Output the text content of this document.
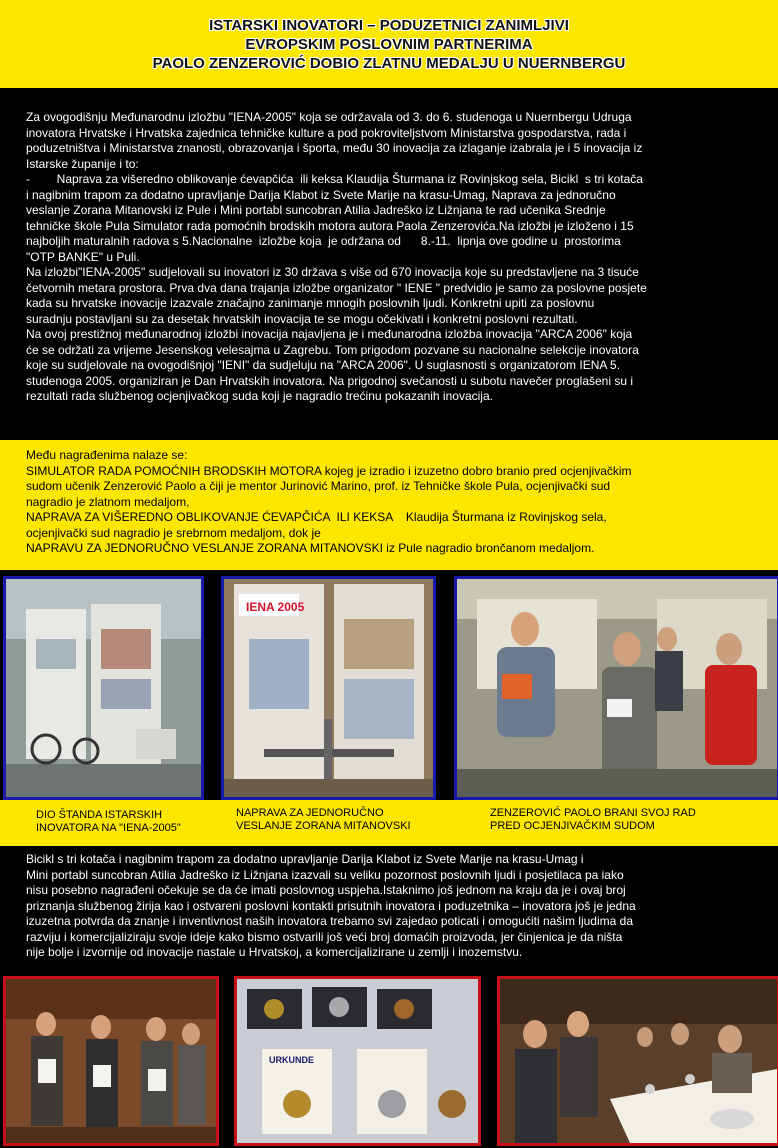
ISTARSKI INOVATORI – PODUZETNICI ZANIMLJIVI
EVROPSKIM POSLOVNIM PARTNERIMA
PAOLO ZENZEROVIĆ DOBIO ZLATNU MEDALJU U NUERNBERGU
Za ovogodišnju Međunarodnu izložbu "IENA-2005" koja se održavala od 3. do 6. studenoga u Nuernbergu Udruga
inovatora Hrvatske i Hrvatska zajednica tehničke kulture a pod pokroviteljstvom Ministarstva gospodarstva, rada i
poduzetništva i Ministarstva znanosti, obrazovanja i športa, među 30 inovacija za izlaganje izabrala je i 5 inovacija iz
Istarske županije i to:
-        Naprava za višeredno oblikovanje ćevapčića  ili keksa Klaudija Šturmana iz Rovinjskog sela, Bicikl  s tri kotača
i nagibnim trapom za dodatno upravljanje Darija Klabot iz Svete Marije na krasu-Umag, Naprava za jednoručno
veslanje Zorana Mitanovski iz Pule i Mini portabl suncobran Atilia Jadreško iz Ližnjana te rad učenika Srednje
tehničke škole Pula Simulator rada pomoćnih brodskih motora autora Paola Zenzerovića.Na izložbi je izloženo i 15
najboljih maturalnih radova s 5.Nacionalne  izložbe koja  je održana od      8.-11.  lipnja ove godine u  prostorima
"OTP BANKE" u Puli.
Na izložbi"IENA-2005" sudjelovali su inovatori iz 30 država s više od 670 inovacija koje su predstavljene na 3 tisuće
četvornih metara prostora. Prva dva dana trajanja izložbe organizator " IENE " predvidio je samo za poslovne posjete
kada su hrvatske inovacije izazvale značajno zanimanje mnogih poslovnih ljudi. Konkretni upiti za poslovnu
suradnju postavljani su za desetak hrvatskih inovacija te se mogu očekivati i konkretni poslovni rezultati.
Na ovoj prestižnoj međunarodnoj izložbi inovacija najavljena je i međunarodna izložba inovacija "ARCA 2006" koja
će se održati za vrijeme Jesenskog velesajma u Zagrebu. Tom prigodom pozvane su nacionalne selekcije inovatora
koje su sudjelovale na ovogodišnjoj "IENI" da sudjeluju na "ARCA 2006". U suglasnosti s organizatorom IENA 5.
studenoga 2005. organiziran je Dan Hrvatskih inovatora. Na prigodnoj svečanosti u subotu navečer proglašeni su i
rezultati rada službenog ocjenjivačkog suda koji je nagradio trećinu pokazanih inovacija.
Među nagrađenima nalaze se:
SIMULATOR RADA POMOĆNIH BRODSKIH MOTORA kojeg je izradio i izuzetno dobro branio pred ocjenjivačkim
sudom učenik Zenzerović Paolo a čiji je mentor Jurinović Marino, prof. iz Tehničke škole Pula, ocjenjivački sud
nagradio je zlatnom medaljom,
NAPRAVA ZA VIŠEREDNO OBLIKOVANJE ĆEVAPČIĆA  ILI KEKSA    Klaudija Šturmana iz Rovinjskog sela,
ocjenjivački sud nagradio je srebrnom medaljom, dok je
NAPRAVU ZA JEDNORUČNO VESLANJE ZORANA MITANOVSKI iz Pule nagradio brončanom medaljom.
IENA 2005
DIO ŠTANDA ISTARSKIH
INOVATORA NA "IENA-2005"
NAPRAVA ZA JEDNORUČNO
VESLANJE ZORANA MITANOVSKI
ZENZEROVIĆ PAOLO BRANI SVOJ RAD
PRED OCJENJIVAČKIM SUDOM
Bicikl s tri kotača i nagibnim trapom za dodatno upravljanje Darija Klabot iz Svete Marije na krasu-Umag i
Mini portabl suncobran Atilia Jadreško iz Ližnjana izazvali su veliku pozornost poslovnih ljudi i posjetilaca pa iako
nisu posebno nagrađeni očekuje se da će imati poslovnog uspjeha.Istaknimo još jednom na kraju da je i ovaj broj
priznanja službenog žirija kao i ostvareni poslovni kontakti prisutnih inovatora i poduzetnika – inovatora još je jedna
izuzetna potvrda da znanje i inventivnost naših inovatora trebamo svi zajedao poticati i omogućiti našim ljudima da
razviju i komercijaliziraju svoje ideje kako bismo ostvarili još veći broj domaćih proizvoda, jer činjenica je da ništa
nije bolje i izvornije od inovacije nastale u Hrvatskoj, a komercijalizirane u zemlji i inozemstvu.
URKUNDE
